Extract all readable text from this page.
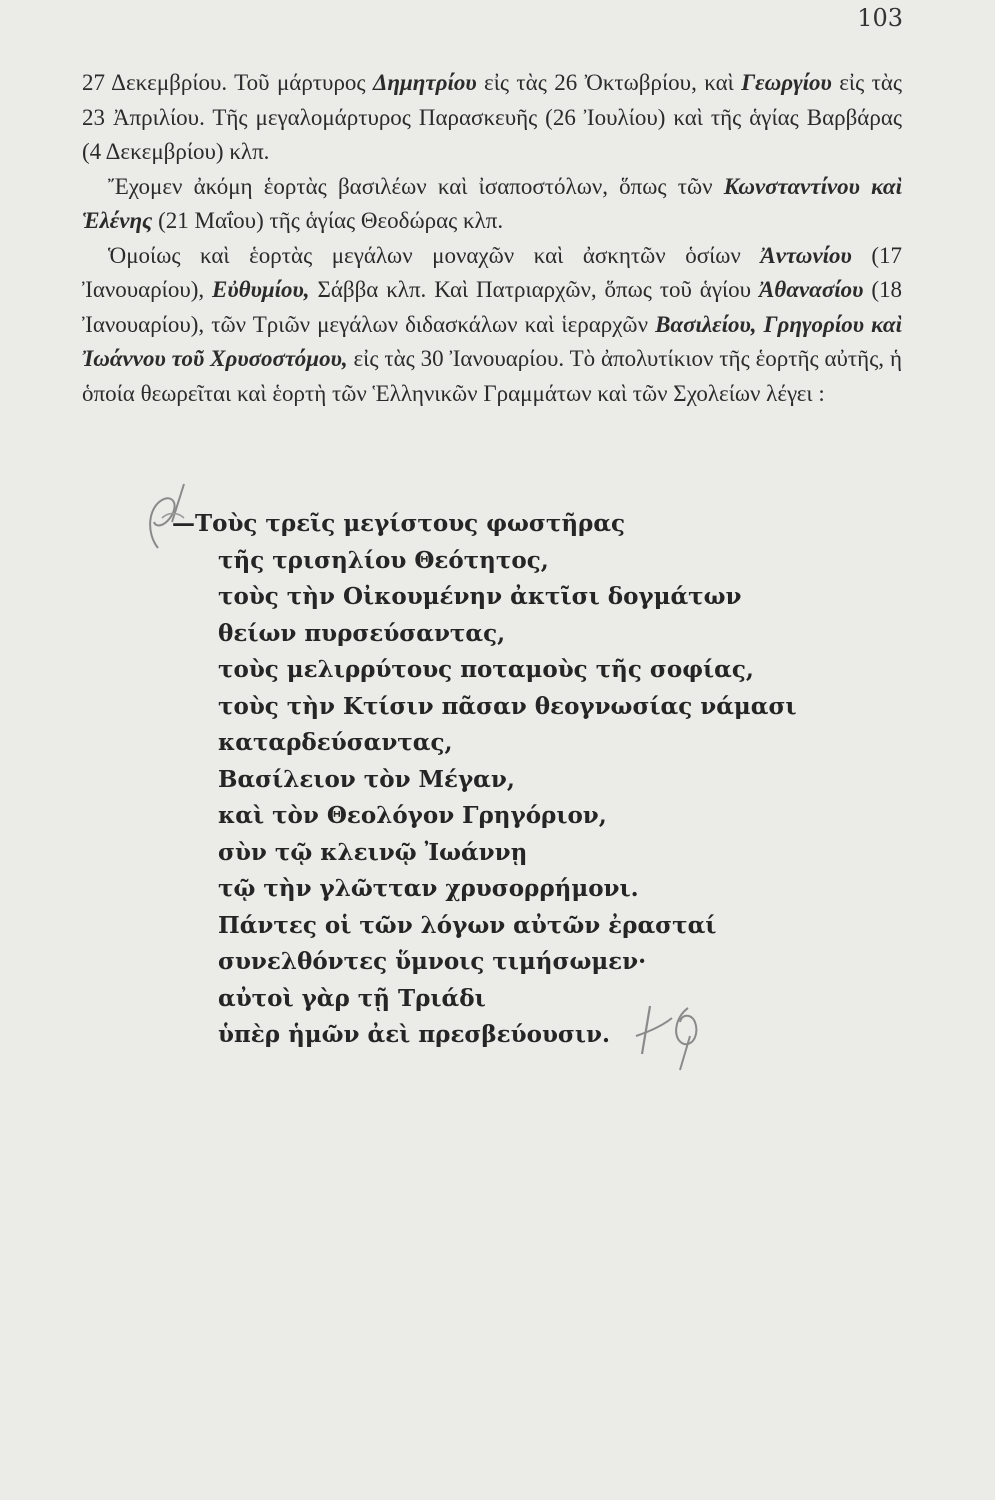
103

27 Δεκεμβρίου. Τοῦ μάρτυρος Δημητρίου εἰς τὰς 26 Ὀκτωβρίου, καὶ Γεωργίου εἰς τὰς 23 Ἀπριλίου. Τῆς μεγαλομάρτυρος Παρασκευῆς (26 Ἰουλίου) καὶ τῆς ἁγίας Βαρβάρας (4 Δεκεμβρίου) κλπ.

Ἔχομεν ἀκόμη ἑορτὰς βασιλέων καὶ ἰσαποστόλων, ὅπως τῶν Κωνσταντίνου καὶ Ἑλένης (21 Μαΐου) τῆς ἁγίας Θεοδώρας κλπ.

Ὁμοίως καὶ ἑορτὰς μεγάλων μοναχῶν καὶ ἀσκητῶν ὁσίων Ἀντωνίου (17 Ἰανουαρίου), Εὐθυμίου, Σάββα κλπ. Καὶ Πατριαρχῶν, ὅπως τοῦ ἁγίου Ἀθανασίου (18 Ἰανουαρίου), τῶν Τριῶν μεγάλων διδασκάλων καὶ ἱεραρχῶν Βασιλείου, Γρηγορίου καὶ Ἰωάννου τοῦ Χρυσοστόμου, εἰς τὰς 30 Ἰανουαρίου. Τὸ ἀπολυτίκιον τῆς ἑορτῆς αὐτῆς, ἡ ὁποία θεωρεῖται καὶ ἑορτὴ τῶν Ἑλληνικῶν Γραμμάτων καὶ τῶν Σχολείων λέγει :

—Τοὺς τρεῖς μεγίστους φωστῆρας
τῆς τρισηλίου Θεότητος,
τοὺς τὴν Οἰκουμένην ἀκτῖσι δογμάτων
θείων πυρσεύσαντας,
τοὺς μελιρρύτους ποταμοὺς τῆς σοφίας,
τοὺς τὴν Κτίσιν πᾶσαν θεογνωσίας νάμασι
καταρδεύσαντας,
Βασίλειον τὸν Μέγαν,
καὶ τὸν Θεολόγον Γρηγόριον,
σὺν τῷ κλεινῷ Ἰωάννῃ
τῷ τὴν γλῶτταν χρυσορρήμονι.
Πάντες οἱ τῶν λόγων αὐτῶν ἐρασταί
συνελθόντες ὕμνοις τιμήσωμεν·
αὐτοὶ γὰρ τῇ Τριάδι
ὑπὲρ ἡμῶν ἀεὶ πρεσβεύουσιν.
